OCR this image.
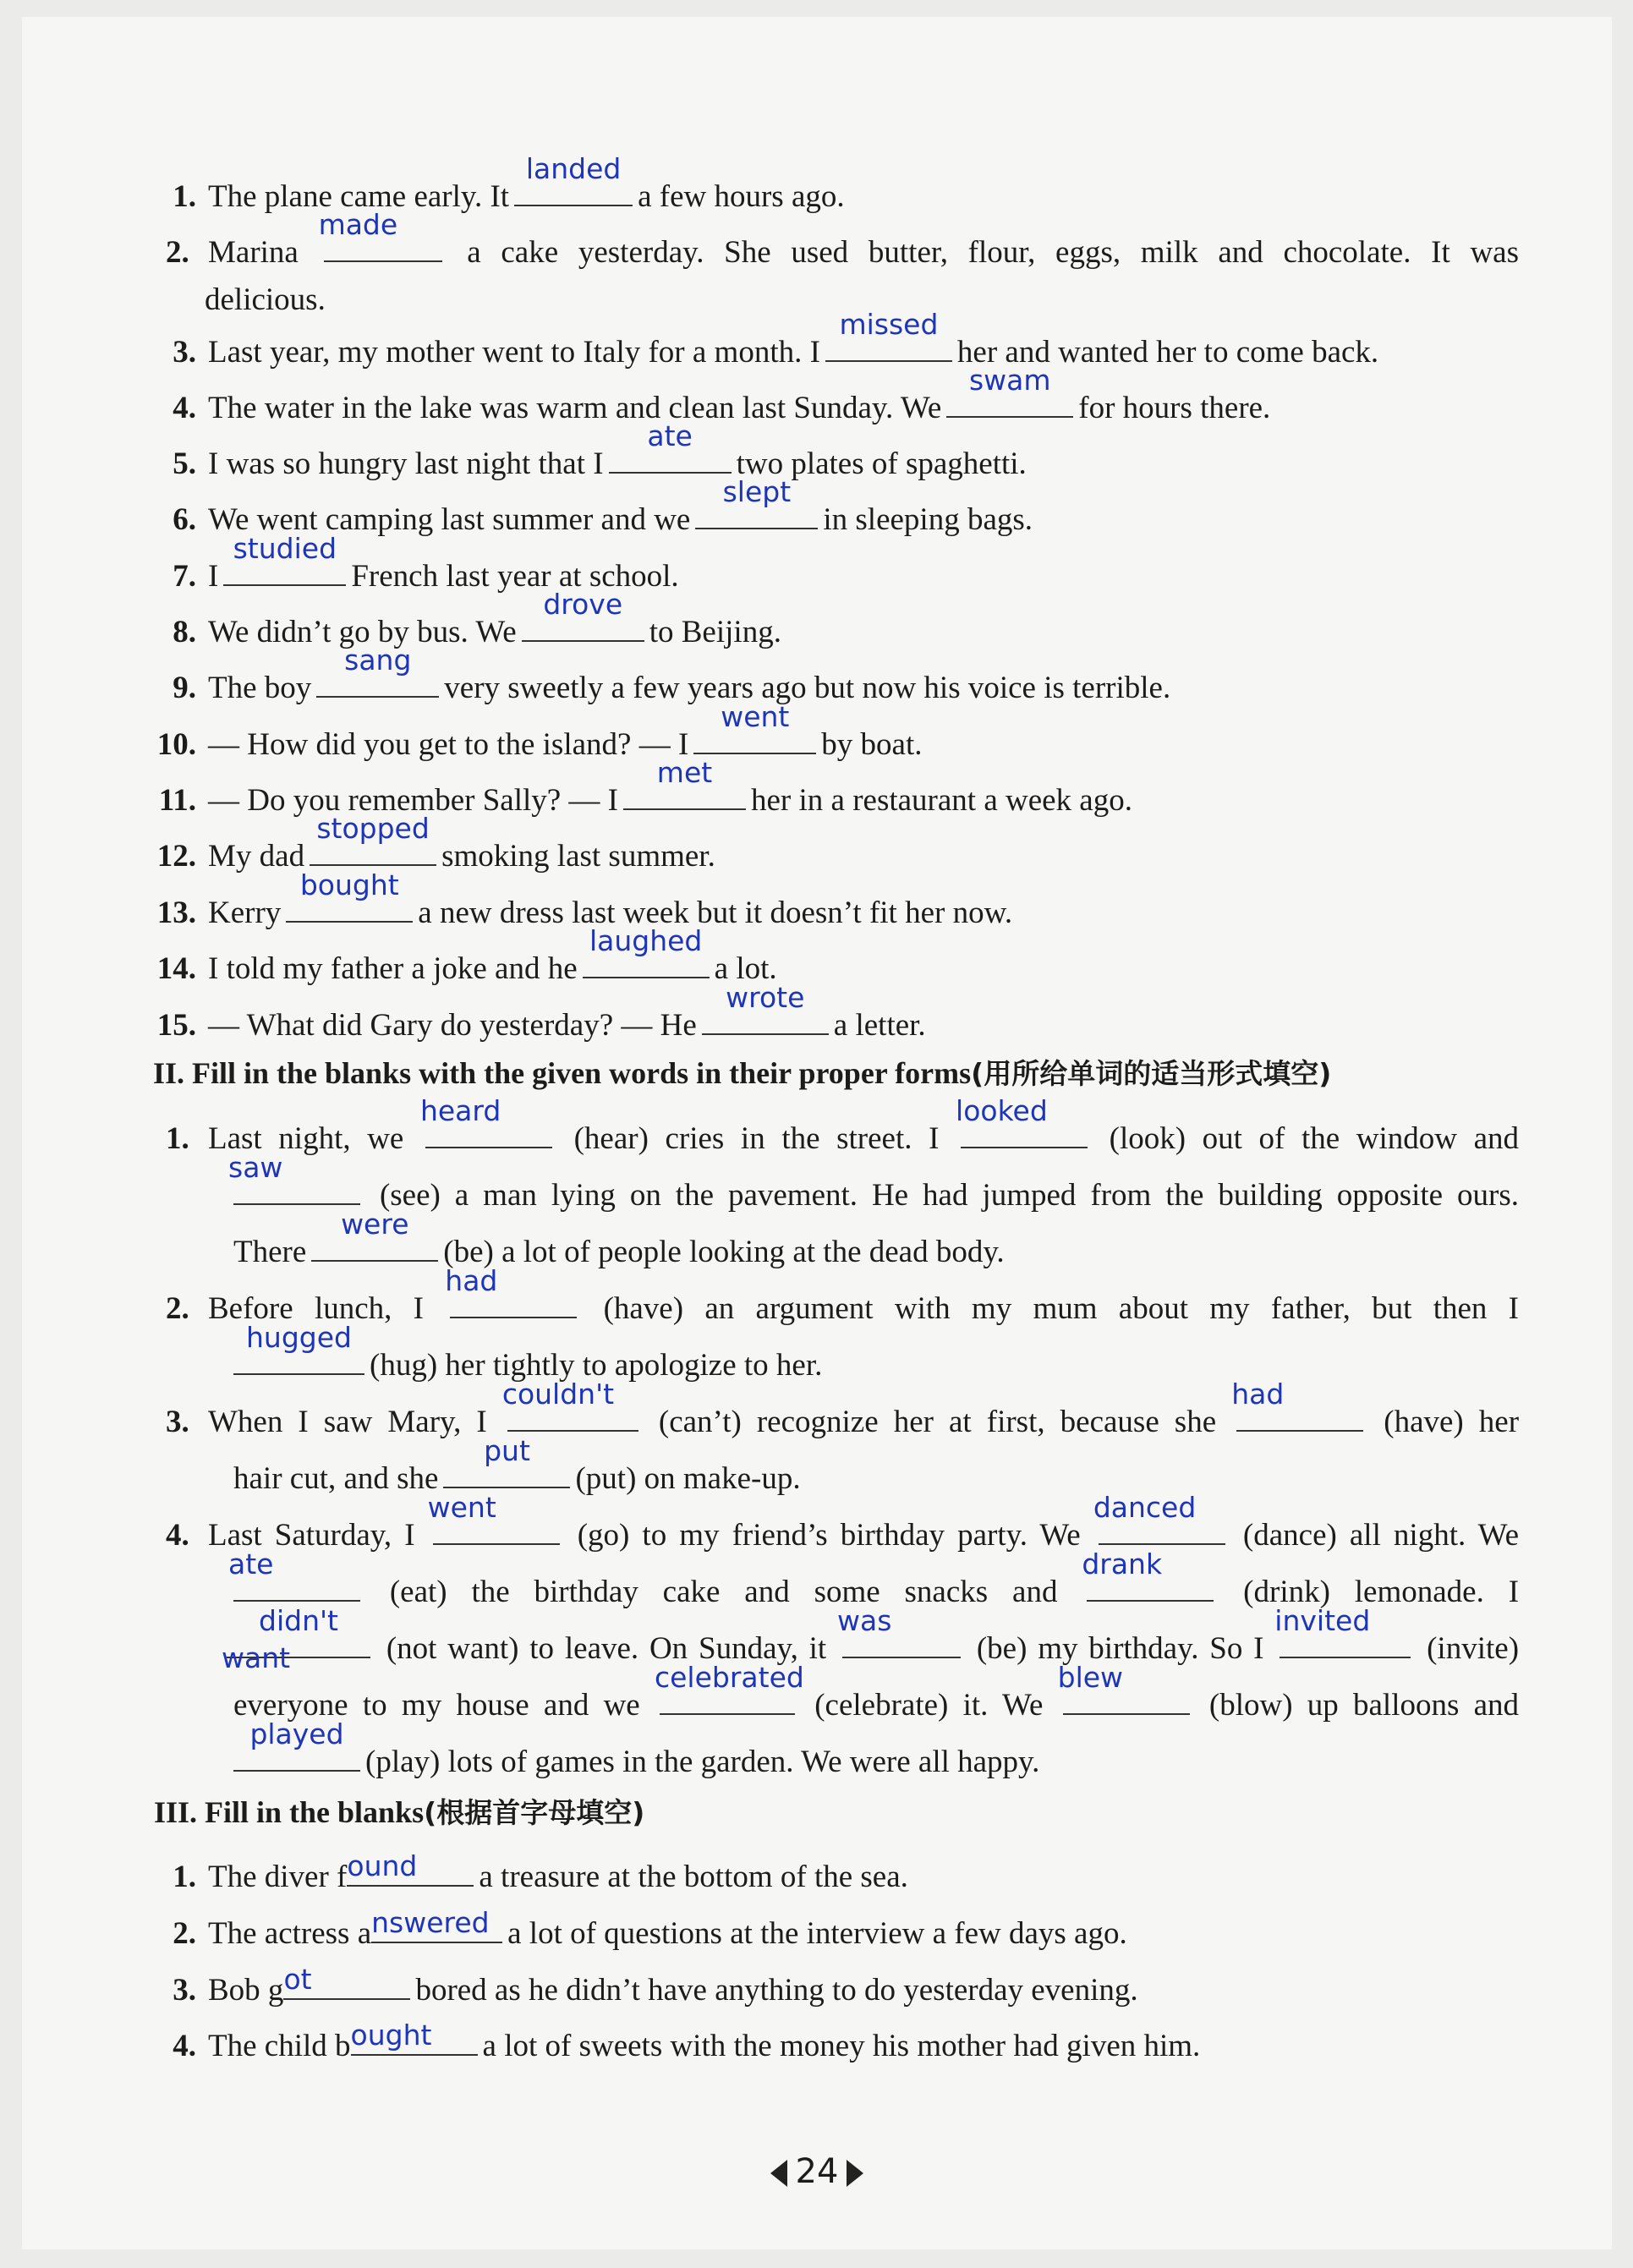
1. The plane came early. It
landed
a few hours ago.
2. Marina
made
a cake yesterday. She used butter, flour, eggs, milk and chocolate. It was
delicious.
3. Last year, my mother went to Italy for a month. I
missed
her and wanted her to come back.
4. The water in the lake was warm and clean last Sunday. We
swam
for hours there.
5. I was so hungry last night that I
ate
two plates of spaghetti.
6. We went camping last summer and we
slept
in sleeping bags.
7. I
studied
French last year at school.
8. We didn’t go by bus. We
drove
to Beijing.
9. The boy
sang
very sweetly a few years ago but now his voice is terrible.
10. — How did you get to the island? — I
went
by boat.
11. — Do you remember Sally? — I
met
her in a restaurant a week ago.
12. My dad
stopped
smoking last summer.
13. Kerry
bought
a new dress last week but it doesn’t fit her now.
14. I told my father a joke and he
laughed
a lot.
15. — What did Gary do yesterday? — He
wrote
a letter.
II. Fill in the blanks with the given words in their proper forms(用所给单词的适当形式填空)
1. Last night, we
heard
(hear) cries in the street. I
looked
(look) out of the window and
saw
(see) a man lying on the pavement. He had jumped from the building opposite ours.
There
were
(be) a lot of people looking at the dead body.
2. Before lunch, I
had
(have) an argument with my mum about my father, but then I
hugged
(hug) her tightly to apologize to her.
3. When I saw Mary, I
couldn't
(can’t) recognize her at first, because she
had
(have) her
hair cut, and she
put
(put) on make-up.
4. Last Saturday, I
went
(go) to my friend’s birthday party. We
danced
(dance) all night. We
ate
(eat) the birthday cake and some snacks and
drank
(drink) lemonade. I
didn't want	(not want) to leave. On Sunday, it
was
(be) my birthday. So I
invited
(invite)
everyone to my house and we
celebrated
(celebrate) it. We
blew
(blow) up balloons and
played
(play) lots of games in the garden. We were all happy.
III. Fill in the blanks(根据首字母填空)
1. The diver f ound a treasure at the bottom of the sea.
2. The actress a nswered a lot of questions at the interview a few days ago.
3. Bob g ot	bored as he didn’t have anything to do yesterday evening.
4. The child b ought a lot of sweets with the money his mother had given him.
24
